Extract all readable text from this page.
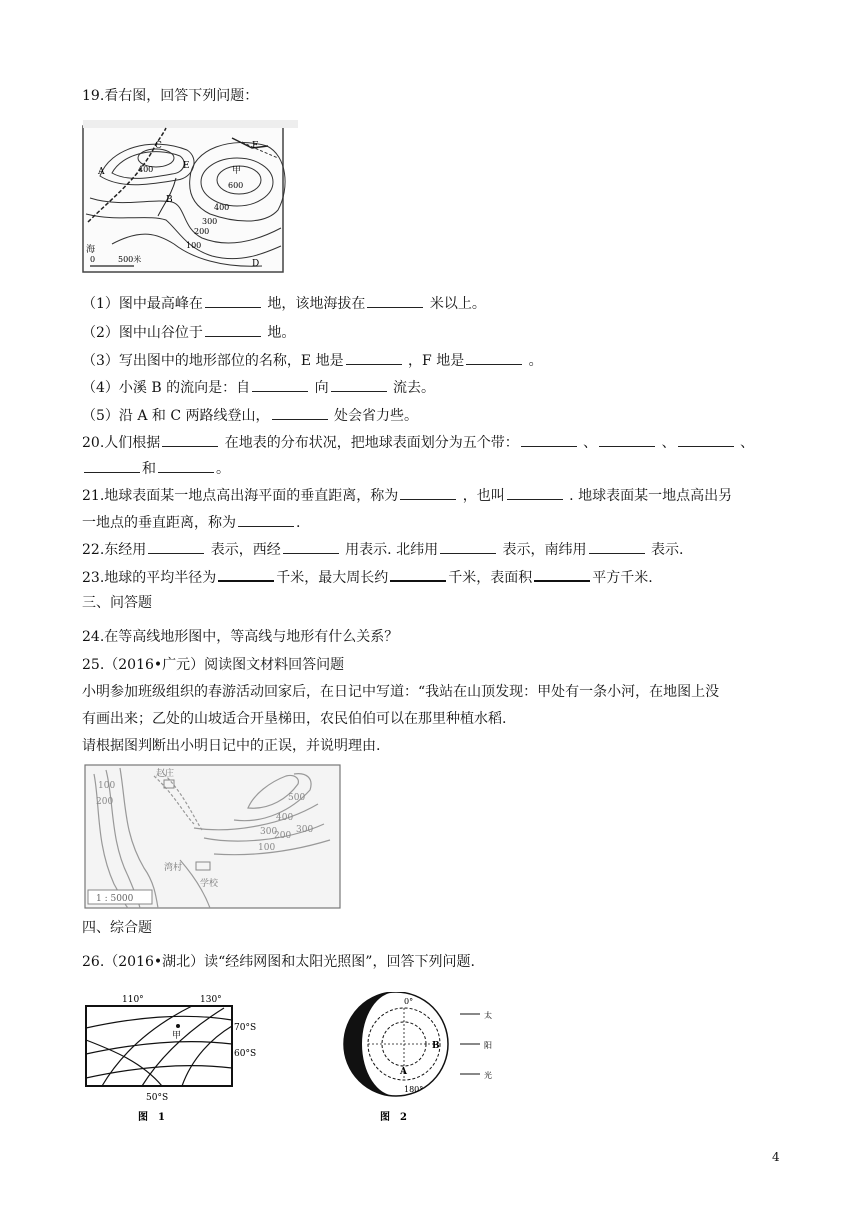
19.看右图，回答下列问题：
A
B
C
E
F
D
甲
600
400
400
300
200
100
海
0	500米
（1）图中最高峰在	地，该地海拔在	米以上。
（2）图中山谷位于	地。
（3）写出图中的地形部位的名称，E 地是	，F 地是	。
（4）小溪 B 的流向是：自	向	流去。
（5）沿 A 和 C 两路线登山，	处会省力些。
20.人们根据	在地表的分布状况，把地球表面划分为五个带：	、	、	、
和	。
21.地球表面某一地点高出海平面的垂直距离，称为	，也叫	. 地球表面某一地点高出另
一地点的垂直距离，称为	.
22.东经用	表示，西经	用表示. 北纬用	表示，南纬用	表示.
23.地球的平均半径为	千米，最大周长约	千米，表面积	平方千米.
三、问答题
24.在等高线地形图中，等高线与地形有什么关系？
25.（2016•广元）阅读图文材料回答问题
小明参加班级组织的春游活动回家后，在日记中写道：“我站在山顶发现：甲处有一条小河，在地图上没
有画出来；乙处的山坡适合开垦梯田，农民伯伯可以在那里种植水稻.
请根据图判断出小明日记中的正误，并说明理由.
赵庄
100
200
300
400
500
100
200
300
湾村
学校
1 : 5000
四、综合题
26.（2016•湖北）读“经纬网图和太阳光照图”，回答下列问题.
110°	130°
甲
70°S
60°S
50°S
图　1
0°
180°
A
B
太
阳
光
图　2
4
